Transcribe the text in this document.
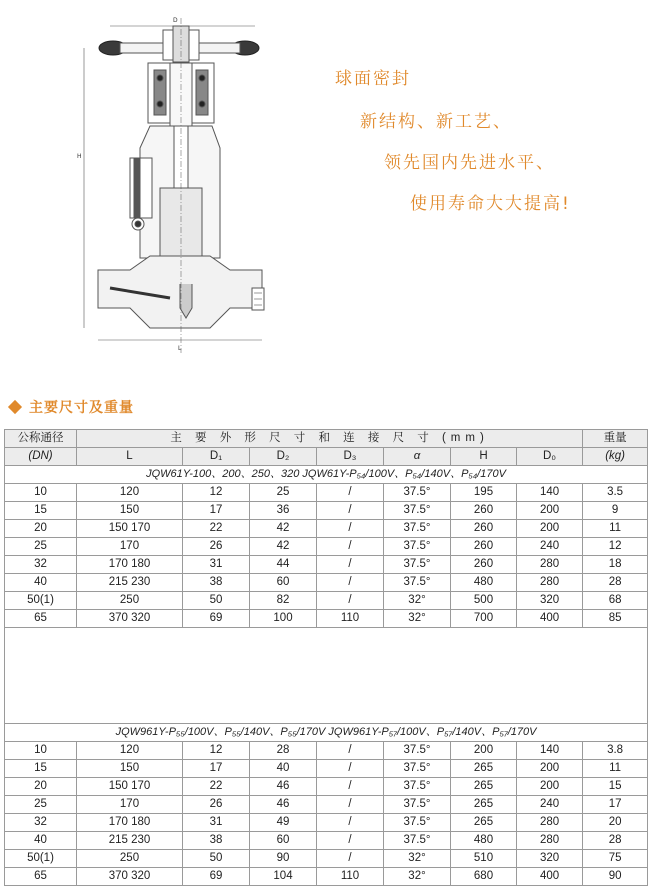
D
H
L
球面密封
新结构、新工艺、
领先国内先进水平、
使用寿命大大提高!
主要尺寸及重量
公称通径	主 要 外 形 尺 寸 和 连 接 尺 寸 (mm)							重量
(DN)	L	D₁	D₂	D₃	α	H	D₀	(kg)
JQW61Y-100、200、250、320 JQW61Y-P₅₄/100V、P₅₄/140V、P₅₄/170V								
10	120	12	25	/	37.5°	195	140	3.5
15	150	17	36	/	37.5°	260	200	9
20	150 170	22	42	/	37.5°	260	200	11
25	170	26	42	/	37.5°	260	240	12
32	170 180	31	44	/	37.5°	260	280	18
40	215 230	38	60	/	37.5°	480	280	28
50(1)	250	50	82	/	32°	500	320	68
65	370 320	69	100	110	32°	700	400	85

JQW961Y-P₅₅/100V、P₅₅/140V、P₅₅/170V JQW961Y-P₅₇/100V、P₅₇/140V、P₅₇/170V								
10	120	12	28	/	37.5°	200	140	3.8
15	150	17	40	/	37.5°	265	200	11
20	150 170	22	46	/	37.5°	265	200	15
25	170	26	46	/	37.5°	265	240	17
32	170 180	31	49	/	37.5°	265	280	20
40	215 230	38	60	/	37.5°	480	280	28
50(1)	250	50	90	/	32°	510	320	75
65	370 320	69	104	110	32°	680	400	90
